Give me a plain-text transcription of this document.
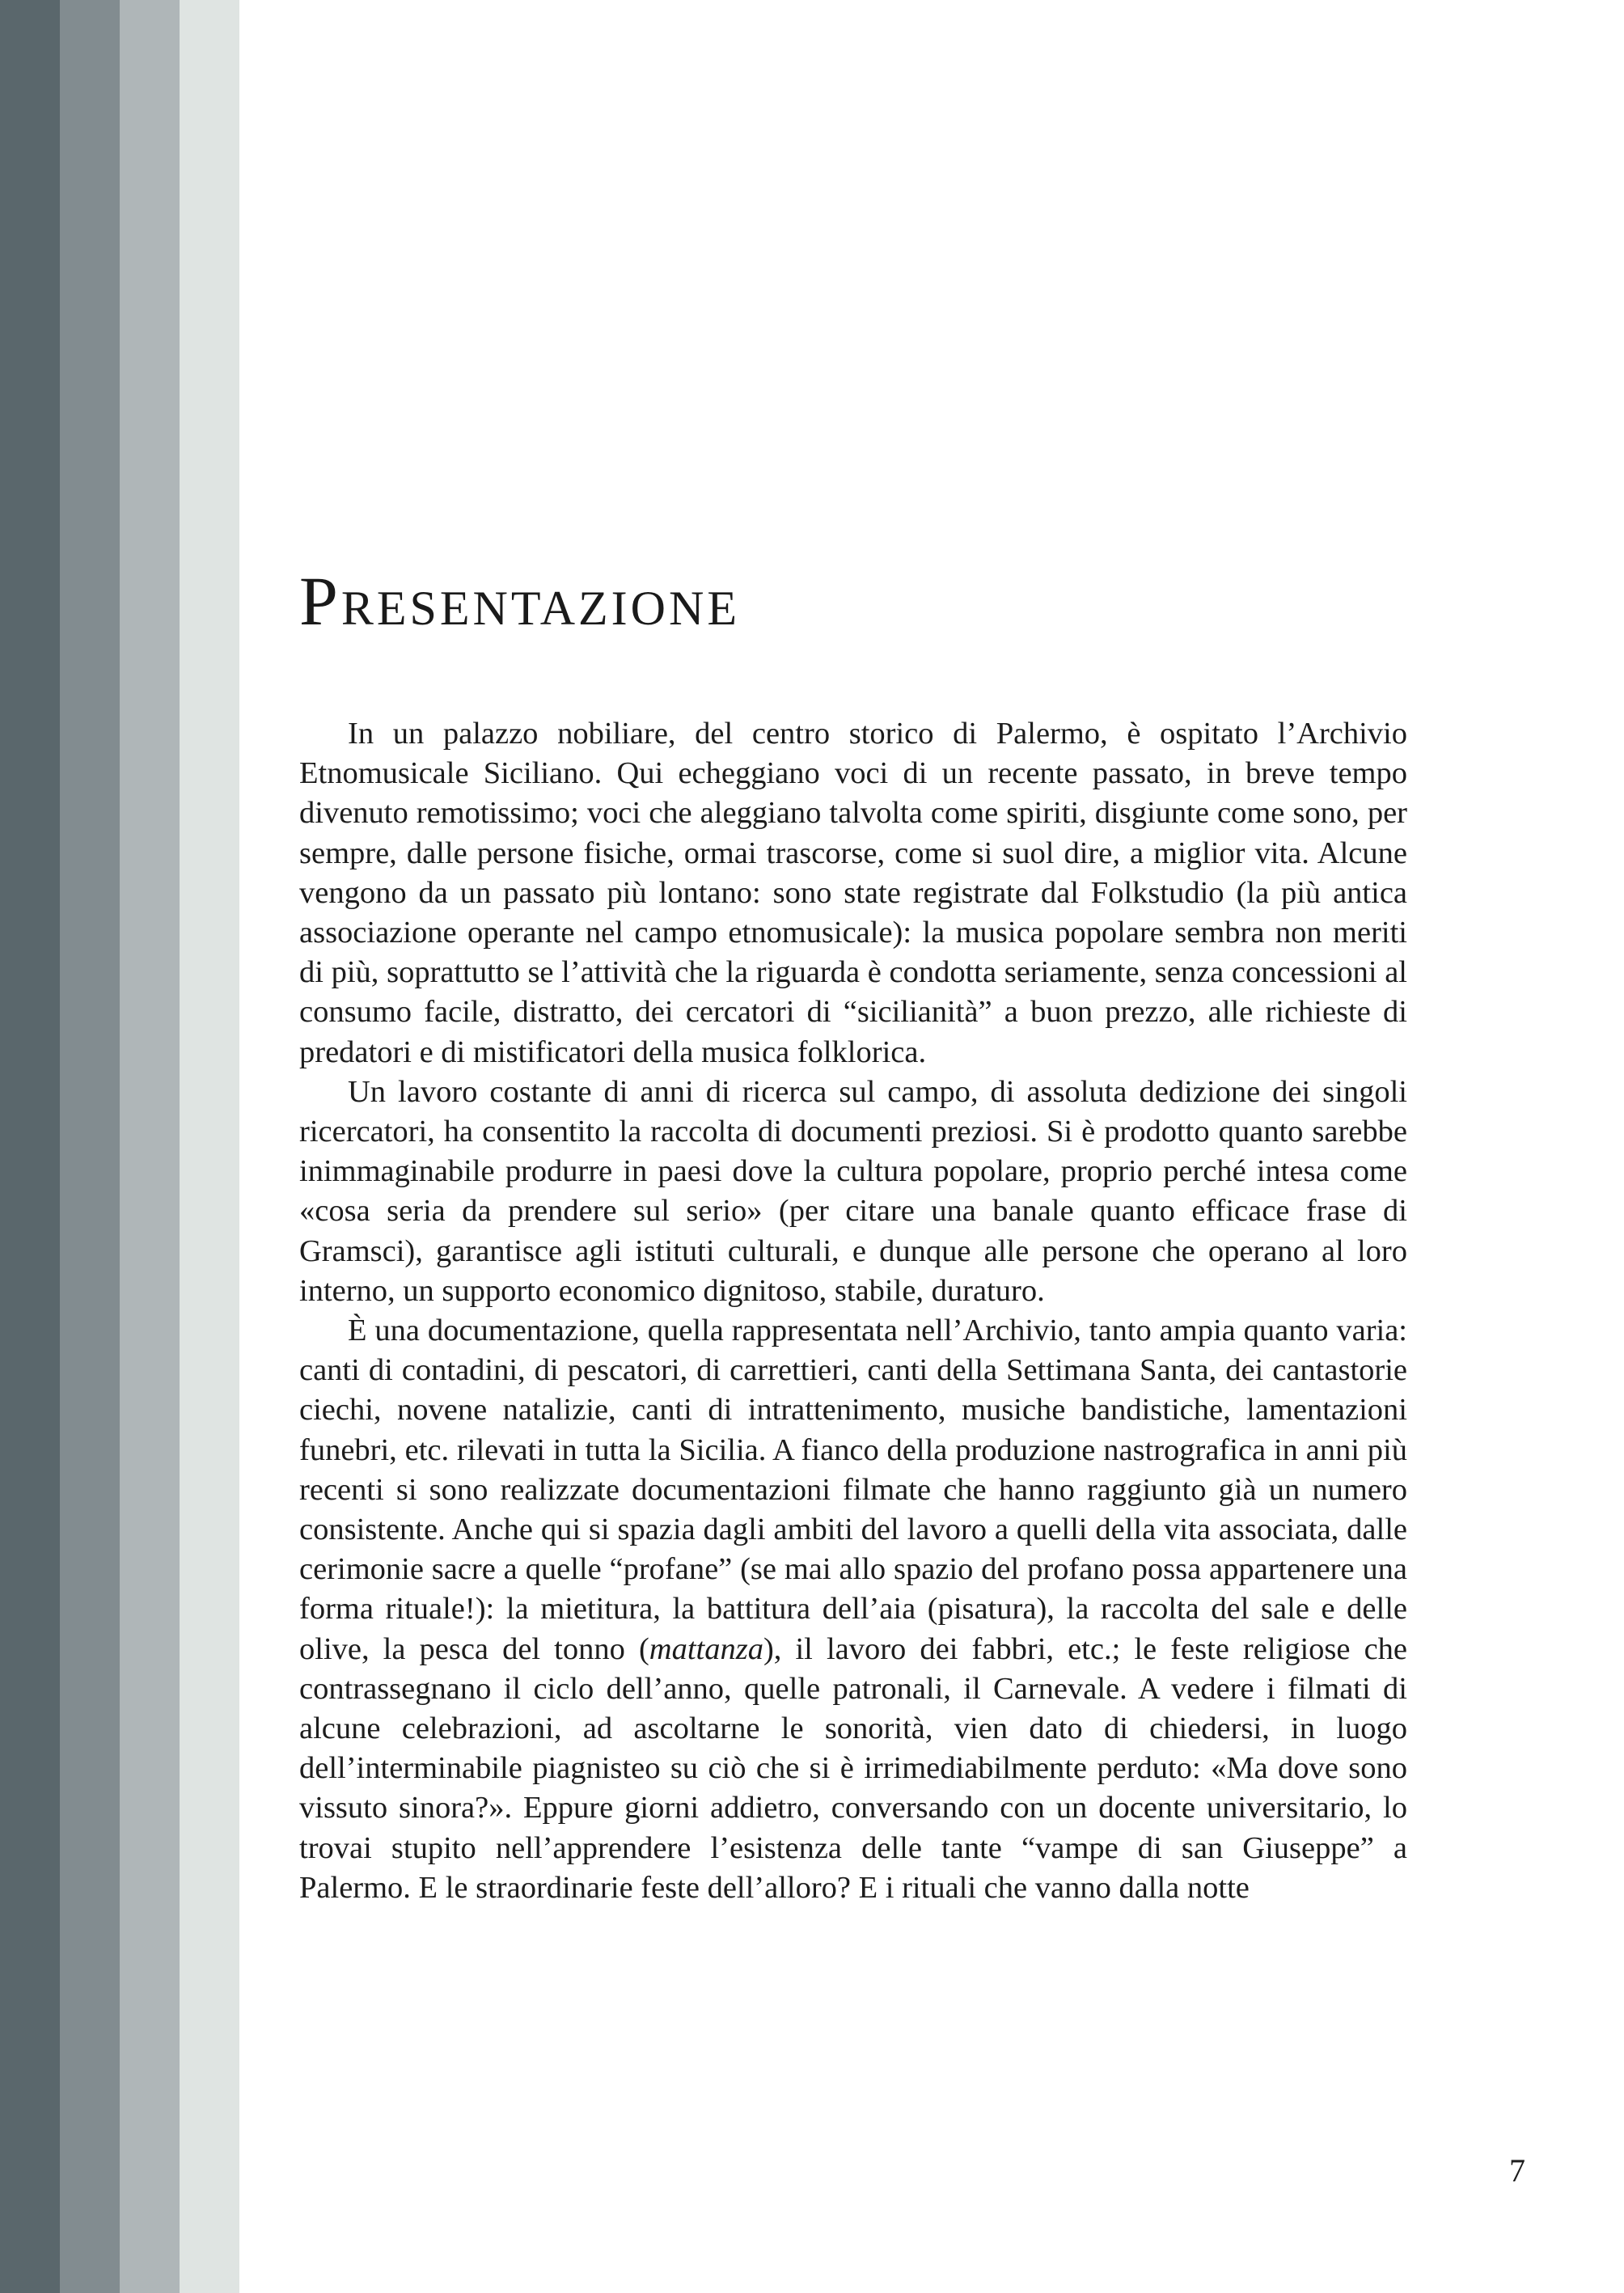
Presentazione

In un palazzo nobiliare, del centro storico di Palermo, è ospitato l’Archivio Etnomusicale Siciliano. Qui echeggiano voci di un recente passato, in breve tempo divenuto remotissimo; voci che aleggiano talvolta come spiriti, disgiunte come sono, per sempre, dalle persone fisiche, ormai trascorse, come si suol dire, a miglior vita. Alcune vengono da un passato più lontano: sono state registrate dal Folkstudio (la più antica associazione operante nel campo etnomusicale): la musica popolare sembra non meriti di più, soprattutto se l’attività che la riguarda è condotta seriamente, senza concessioni al consumo facile, distratto, dei cercatori di “sicilianità” a buon prezzo, alle richieste di predatori e di mistificatori della musica folklorica.

Un lavoro costante di anni di ricerca sul campo, di assoluta dedizione dei singoli ricercatori, ha consentito la raccolta di documenti preziosi. Si è prodotto quanto sarebbe inimmaginabile produrre in paesi dove la cultura popolare, proprio perché intesa come «cosa seria da prendere sul serio» (per citare una banale quanto efficace frase di Gramsci), garantisce agli istituti culturali, e dunque alle persone che operano al loro interno, un supporto economico dignitoso, stabile, duraturo.

È una documentazione, quella rappresentata nell’Archivio, tanto ampia quanto varia: canti di contadini, di pescatori, di carrettieri, canti della Settimana Santa, dei cantastorie ciechi, novene natalizie, canti di intrattenimento, musiche bandistiche, lamentazioni funebri, etc. rilevati in tutta la Sicilia. A fianco della produzione nastrografica in anni più recenti si sono realizzate documentazioni filmate che hanno raggiunto già un numero consistente. Anche qui si spazia dagli ambiti del lavoro a quelli della vita associata, dalle cerimonie sacre a quelle “profane” (se mai allo spazio del profano possa appartenere una forma rituale!): la mietitura, la battitura dell’aia (pisatura), la raccolta del sale e delle olive, la pesca del tonno (mattanza), il lavoro dei fabbri, etc.; le feste religiose che contrassegnano il ciclo dell’anno, quelle patronali, il Carnevale. A vedere i filmati di alcune celebrazioni, ad ascoltarne le sonorità, vien dato di chiedersi, in luogo dell’interminabile piagnisteo su ciò che si è irrimediabilmente perduto: «Ma dove sono vissuto sinora?». Eppure giorni addietro, conversando con un docente universitario, lo trovai stupito nell’apprendere l’esistenza delle tante “vampe di san Giuseppe” a Palermo. E le straordinarie feste dell’alloro? E i rituali che vanno dalla notte

7
